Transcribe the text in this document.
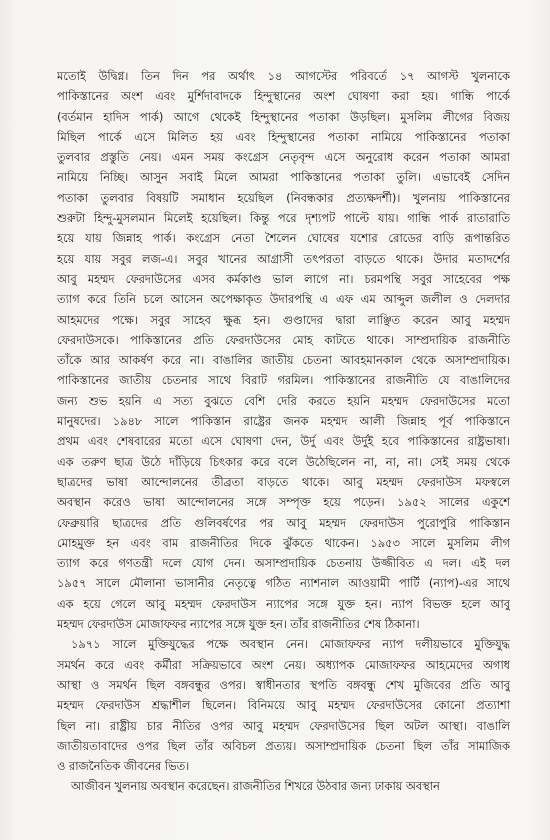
মতোই উদ্বিগ্ন। তিন দিন পর অর্থাৎ ১৪ আগস্টের পরিবর্তে ১৭ আগস্ট খুলনাকে
পাকিস্তানের অংশ এবং মুর্শিদাবাদকে হিন্দুস্থানের অংশ ঘোষণা করা হয়। গান্ধি পার্কে
(বর্তমান হাদিস পার্ক) আগে থেকেই হিন্দুস্থানের পতাকা উড়ছিল। মুসলিম লীগের বিজয়
মিছিল পার্কে এসে মিলিত হয় এবং হিন্দুস্থানের পতাকা নামিয়ে পাকিস্তানের পতাকা
তুলবার প্রস্তুতি নেয়। এমন সময় কংগ্রেস নেতৃবৃন্দ এসে অনুরোধ করেন পতাকা আমরা
নামিয়ে নিচ্ছি। আসুন সবাই মিলে আমরা পাকিস্তানের পতাকা তুলি। এভাবেই সেদিন
পতাকা তুলবার বিষয়টি সমাধান হয়েছিল (নিবন্ধকার প্রত্যক্ষদর্শী)। খুলনায় পাকিস্তানের
শুরুটা হিন্দু-মুসলমান মিলেই হয়েছিল। কিন্তু পরে দৃশ্যপট পাল্টে যায়। গান্ধি পার্ক রাতারাতি
হয়ে যায় জিন্নাহ পার্ক। কংগ্রেস নেতা শৈলেন ঘোষের যশোর রোডের বাড়ি রূপান্তরিত
হয়ে যায় সবুর লজ-এ। সবুর খানের আগ্রাসী তৎপরতা বাড়তে থাকে। উদার মতাদর্শের
আবু মহম্মদ ফেরদাউসের এসব কর্মকাণ্ড ভাল লাগে না। চরমপন্থি সবুর সাহেবের পক্ষ
ত্যাগ করে তিনি চলে আসেন অপেক্ষাকৃত উদারপন্থি এ এফ এম আব্দুল জলীল ও দেলদার
আহমদের পক্ষে। সবুর সাহেব ক্ষুব্ধ হন। গুণ্ডাদের দ্বারা লাঞ্ছিত করেন আবু মহম্মদ
ফেরদাউসকে। পাকিস্তানের প্রতি ফেরদাউসের মোহ কাটতে থাকে। সাম্প্রদায়িক রাজনীতি
তাঁকে আর আকর্ষণ করে না। বাঙালির জাতীয় চেতনা আবহমানকাল থেকে অসাম্প্রদায়িক।
পাকিস্তানের জাতীয় চেতনার সাথে বিরাট গরমিল। পাকিস্তানের রাজনীতি যে বাঙালিদের
জন্য শুভ হয়নি এ সত্য বুঝতে বেশি দেরি করতে হয়নি মহম্মদ ফেরদাউসের মতো
মানুষদের। ১৯৪৮ সালে পাকিস্তান রাষ্ট্রের জনক মহম্মদ আলী জিন্নাহ পূর্ব পাকিস্তানে
প্রথম এবং শেষবারের মতো এসে ঘোষণা দেন, উর্দু এবং উর্দুই হবে পাকিস্তানের রাষ্ট্রভাষা।
এক তরুণ ছাত্র উঠে দাঁড়িয়ে চিৎকার করে বলে উঠেছিলেন না, না, না। সেই সময় থেকে
ছাত্রদের ভাষা আন্দোলনের তীব্রতা বাড়তে থাকে। আবু মহম্মদ ফেরদাউস মফস্বলে
অবস্থান করেও ভাষা আন্দোলনের সঙ্গে সম্পৃক্ত হয়ে পড়েন। ১৯৫২ সালের একুশে
ফেব্রুয়ারি ছাত্রদের প্রতি গুলিবর্ষণের পর আবু মহম্মদ ফেরদাউস পুরোপুরি পাকিস্তান
মোহমুক্ত হন এবং বাম রাজনীতির দিকে ঝুঁকতে থাকেন। ১৯৫৩ সালে মুসলিম লীগ
ত্যাগ করে গণতন্ত্রী দলে যোগ দেন। অসাম্প্রদায়িক চেতনায় উজ্জীবিত এ দল। এই দল
১৯৫৭ সালে মৌলানা ভাসানীর নেতৃত্বে গঠিত ন্যাশনাল আওয়ামী পার্টি (ন্যাপ)-এর সাথে
এক হয়ে গেলে আবু মহম্মদ ফেরদাউস ন্যাপের সঙ্গে যুক্ত হন। ন্যাপ বিভক্ত হলে আবু
মহম্মদ ফেরদাউস মোজাফফর ন্যাপের সঙ্গে যুক্ত হন। তাঁর রাজনীতির শেষ ঠিকানা।
১৯৭১ সালে মুক্তিযুদ্ধের পক্ষে অবস্থান নেন। মোজাফফর ন্যাপ দলীয়ভাবে মুক্তিযুদ্ধ
সমর্থন করে এবং কর্মীরা সক্রিয়ভাবে অংশ নেয়। অধ্যাপক মোজাফফর আহমেদের অগাধ
আস্থা ও সমর্থন ছিল বঙ্গবন্ধুর ওপর। স্বাধীনতার স্থপতি বঙ্গবন্ধু শেখ মুজিবের প্রতি আবু
মহম্মদ ফেরদাউস শ্রদ্ধাশীল ছিলেন। বিনিময়ে আবু মহম্মদ ফেরদাউসের কোনো প্রত্যাশা
ছিল না। রাষ্ট্রীয় চার নীতির ওপর আবু মহম্মদ ফেরদাউসের ছিল অটল আস্থা। বাঙালি
জাতীয়তাবাদের ওপর ছিল তাঁর অবিচল প্রত্যয়। অসাম্প্রদায়িক চেতনা ছিল তাঁর সামাজিক
ও রাজনৈতিক জীবনের ভিত।
আজীবন খুলনায় অবস্থান করেছেন। রাজনীতির শিখরে উঠবার জন্য ঢাকায় অবস্থান
